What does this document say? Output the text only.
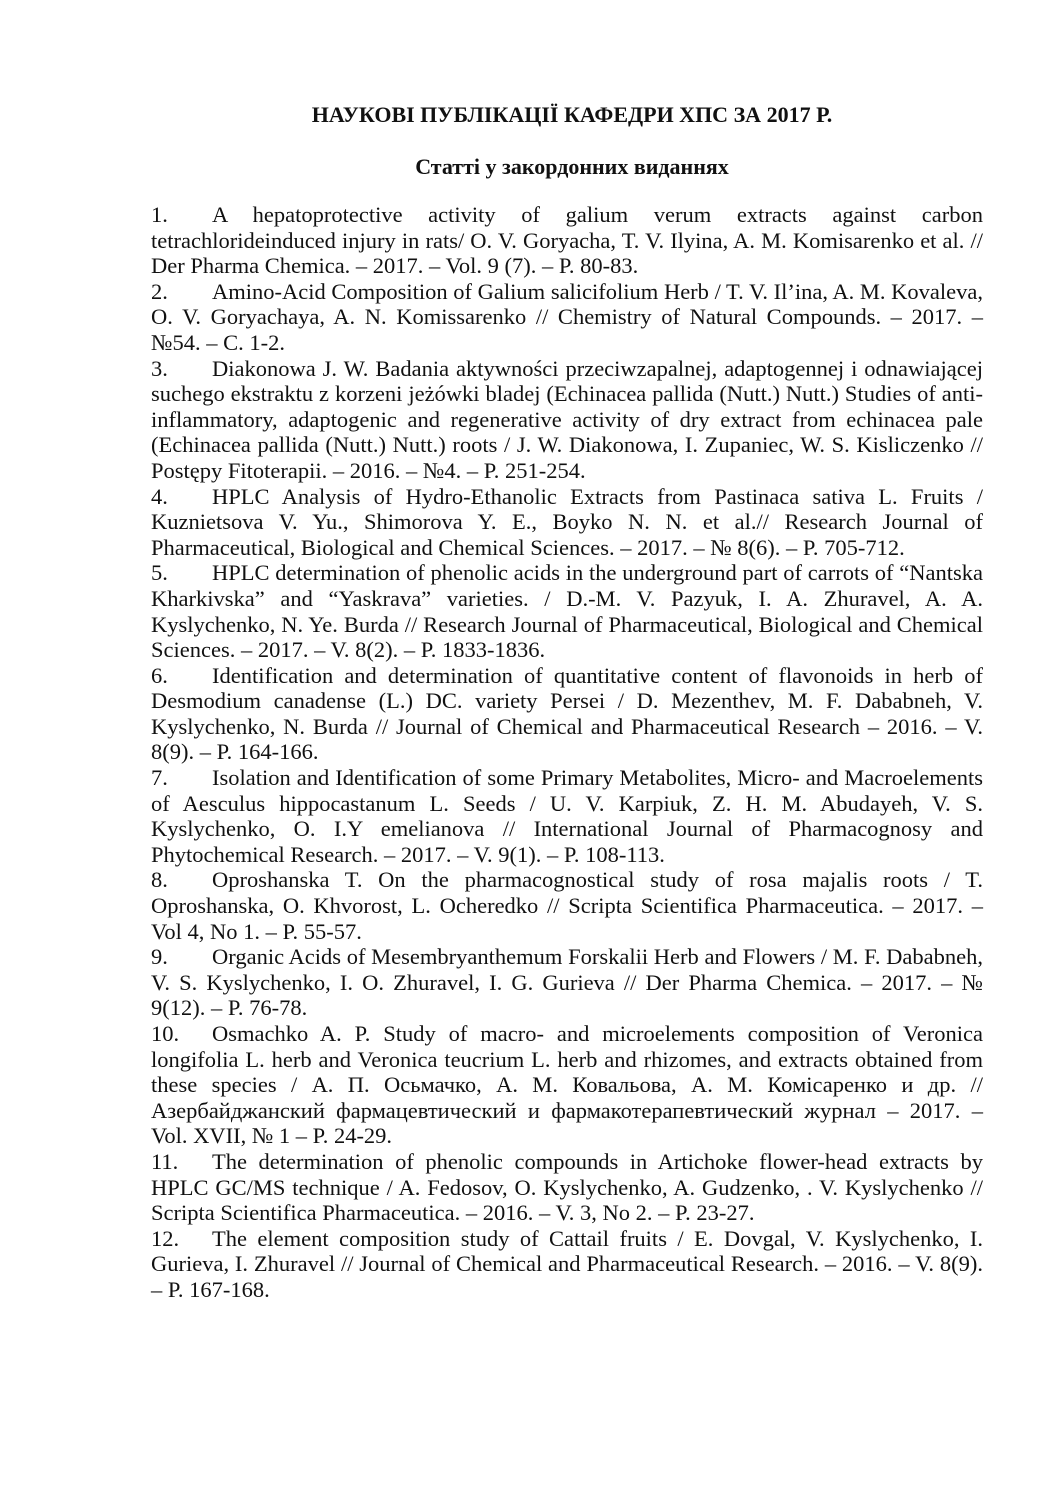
НАУКОВІ ПУБЛІКАЦІЇ КАФЕДРИ ХПС ЗА 2017 Р.
Статті у закордонних виданнях

1. A hepatoprotective activity of galium verum extracts against carbon tetrachlorideinduced injury in rats/ O. V. Goryacha, T. V. Ilyina, A. M. Komisarenko et al. // Der Pharma Chemica. – 2017. – Vol. 9 (7). – P. 80-83.

2. Amino-Acid Composition of Galium salicifolium Herb / T. V. Il’ina, A. M. Kovaleva, O. V. Goryachaya, A. N. Komissarenko // Chemistry of Natural Compounds. – 2017. – №54. – С. 1-2.

3. Diakonowa J. W. Badania aktywności przeciwzapalnej, adaptogennej i odnawiającej suchego ekstraktu z korzeni jeżówki bladej (Echinacea pallida (Nutt.) Nutt.) Studies of anti-inflammatory, adaptogenic and regenerative activity of dry extract from echinacea pale (Echinacea pallida (Nutt.) Nutt.) roots / J. W. Diakonowa, I. Zupaniec, W. S. Kisliczenko // Postępy Fitoterapii. – 2016. – №4. – P. 251-254.

4. HPLC Analysis of Hydro-Ethanolic Extracts from Pastinaca sativa L. Fruits / Kuznietsova V. Yu., Shimorova Y. E., Boyko N. N. et al.// Research Journal of Pharmaceutical, Biological and Chemical Sciences. – 2017. – № 8(6). – P. 705-712.

5. HPLC determination of phenolic acids in the underground part of carrots of “Nantska Kharkivska” and “Yaskrava” varieties. / D.-M. V. Pazyuk, I. A. Zhuravel, A. A. Kyslychenko, N. Ye. Burda // Research Journal of Pharmaceutical, Biological and Chemical Sciences. – 2017. – V. 8(2). – P. 1833-1836.

6. Identification and determination of quantitative content of flavonoids in herb of Desmodium canadense (L.) DC. variety Persei / D. Mezenthev, M. F. Dababneh, V. Kyslychenko, N. Burda // Journal of Chemical and Pharmaceutical Research – 2016. – V. 8(9). – P. 164-166.

7. Isolation and Identification of some Primary Metabolites, Micro- and Macroelements of Aesculus hippocastanum L. Seeds / U. V. Karpiuk, Z. H. M. Abudayeh, V. S. Kyslychenko, O. I.Y emelianova // International Journal of Pharmacognosy and Phytochemical Research. – 2017. – V. 9(1). – P. 108-113.

8. Oproshanska T. On the pharmacognostical study of rosa majalis roots / T. Oproshanska, O. Khvorost, L. Ocheredko // Scripta Scientifica Pharmaceutica. – 2017. – Vol 4, No 1. – P. 55-57.

9. Organic Acids of Mesembryanthemum Forskalii Herb and Flowers / M. F. Dababneh, V. S. Kyslychenko, I. O. Zhuravel, I. G. Gurieva // Der Pharma Chemica. – 2017. – № 9(12). – P. 76-78.

10. Osmachko A. P. Study of macro- and microelements composition of Veronica longifolia L. herb and Veronica teucrium L. herb and rhizomes, and extracts obtained from these species / А. П. Осьмачко, А. М. Ковальова, А. М. Комісаренко и др. // Азербайджанский фармацевтический и фармакотерапевтический журнал – 2017. – Vol. XVII, № 1 – P. 24-29.

11. The determination of phenolic compounds in Artichoke flower-head extracts by HPLC GC/MS technique / A. Fedosov, O. Kyslychenko, A. Gudzenko, . V. Kyslychenko // Scripta Scientifica Pharmaceutica. – 2016. – V. 3, No 2. – P. 23-27.

12. The element composition study of Cattail fruits / E. Dovgal, V. Kyslychenko, I. Gurieva, I. Zhuravel // Journal of Chemical and Pharmaceutical Research. – 2016. – V. 8(9). – P. 167-168.
